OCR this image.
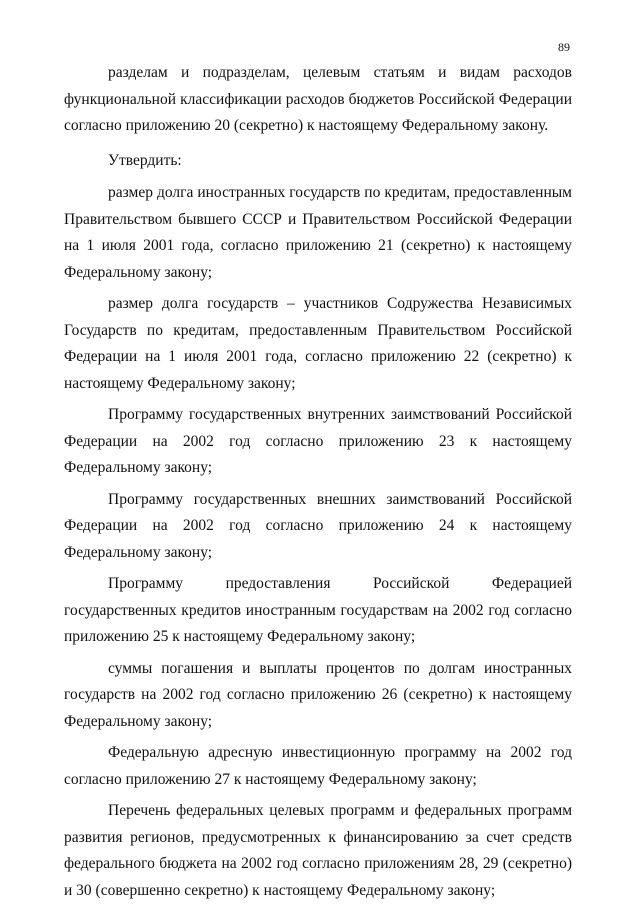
89

разделам и подразделам, целевым статьям и видам расходов функциональной классификации расходов бюджетов Российской Федерации согласно приложению 20 (секретно) к настоящему Федеральному закону.

Утвердить:

размер долга иностранных государств по кредитам, предоставленным Правительством бывшего СССР и Правительством Российской Федерации на 1 июля 2001 года, согласно приложению 21 (секретно) к настоящему Федеральному закону;

размер долга государств – участников Содружества Независимых Государств по кредитам, предоставленным Правительством Российской Федерации на 1 июля 2001 года, согласно приложению 22 (секретно) к настоящему Федеральному закону;

Программу государственных внутренних заимствований Российской Федерации на 2002 год согласно приложению 23 к настоящему Федеральному закону;

Программу государственных внешних заимствований Российской Федерации на 2002 год согласно приложению 24 к настоящему Федеральному закону;

Программу предоставления Российской Федерацией государственных кредитов иностранным государствам на 2002 год согласно приложению 25 к настоящему Федеральному закону;

суммы погашения и выплаты процентов по долгам иностранных государств на 2002 год согласно приложению 26 (секретно) к настоящему Федеральному закону;

Федеральную адресную инвестиционную программу на 2002 год согласно приложению 27 к настоящему Федеральному закону;

Перечень федеральных целевых программ и федеральных программ развития регионов, предусмотренных к финансированию за счет средств федерального бюджета на 2002 год согласно приложениям 28, 29 (секретно) и 30 (совершенно секретно) к настоящему Федеральному закону;
